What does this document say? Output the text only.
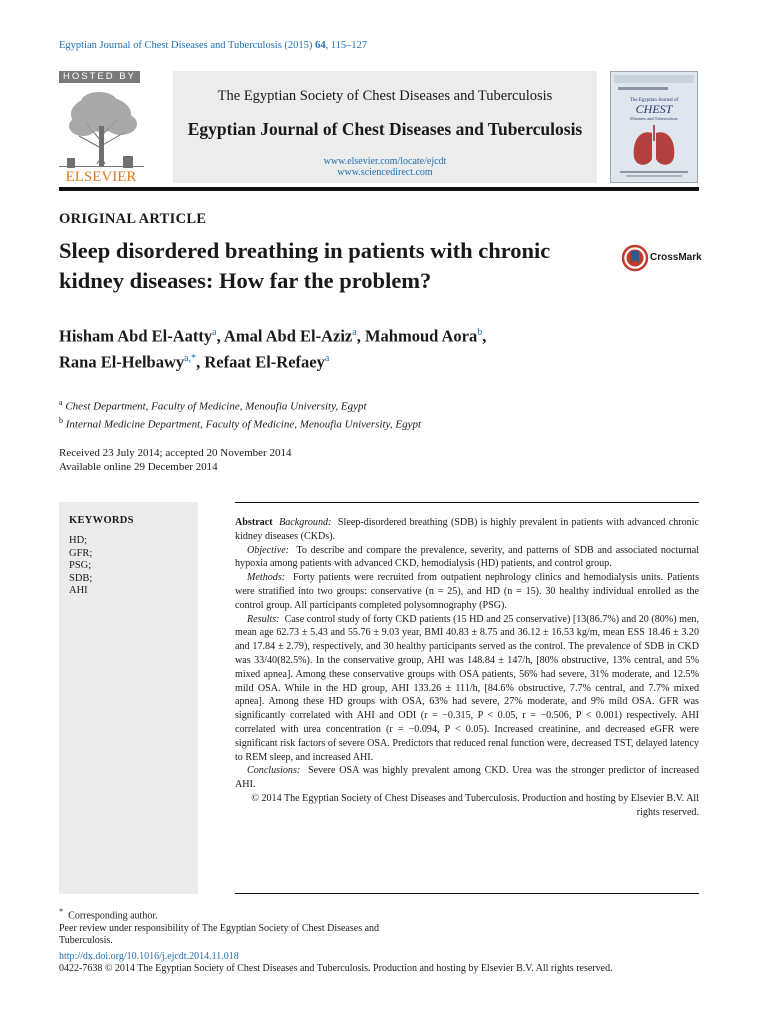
Egyptian Journal of Chest Diseases and Tuberculosis (2015) 64, 115–127
HOSTED BY
ELSEVIER
The Egyptian Society of Chest Diseases and Tuberculosis
Egyptian Journal of Chest Diseases and Tuberculosis
www.elsevier.com/locate/ejcdt
www.sciencedirect.com
The Egyptian Journal of
CHEST
Diseases and Tuberculosis
ORIGINAL ARTICLE
Sleep disordered breathing in patients with chronic kidney diseases: How far the problem?
CrossMark
Hisham Abd El-Aatty$^a$, Amal Abd El-Aziz$^a$, Mahmoud Aora$^b$,
Rana El-Helbawy$^{a,*}$, Refaat El-Refaey$^a$
$^a$ Chest Department, Faculty of Medicine, Menoufia University, Egypt
$^b$ Internal Medicine Department, Faculty of Medicine, Menoufia University, Egypt
Received 23 July 2014; accepted 20 November 2014
Available online 29 December 2014
KEYWORDS
HD;
GFR;
PSG;
SDB;
AHI

Abstract Background: Sleep-disordered breathing (SDB) is highly prevalent in patients with advanced chronic kidney diseases (CKDs).

Objective: To describe and compare the prevalence, severity, and patterns of SDB and associated nocturnal hypoxia among patients with advanced CKD, hemodialysis (HD) patients, and control group.

Methods: Forty patients were recruited from outpatient nephrology clinics and hemodialysis units. Patients were stratified into two groups: conservative (n = 25), and HD (n = 15). 30 healthy individual enrolled as the control group. All participants completed polysomnography (PSG).

Results: Case control study of forty CKD patients (15 HD and 25 conservative) [13(86.7%) and 20 (80%) men, mean age 62.73 ± 5.43 and 55.76 ± 9.03 year, BMI 40.83 ± 8.75 and 36.12 ± 16.53 kg/m, mean ESS 18.46 ± 3.20 and 17.84 ± 2.79), respectively, and 30 healthy participants served as the control. The prevalence of SDB in CKD was 33/40(82.5%). In the conservative group, AHI was 148.84 ± 147/h, [80% obstructive, 13% central, and 5% mixed apnea]. Among these conservative groups with OSA patients, 56% had severe, 31% moderate, and 12.5% mild OSA. While in the HD group, AHI 133.26 ± 111/h, [84.6% obstructive, 7.7% central, and 7.7% mixed apnea]. Among these HD groups with OSA, 63% had severe, 27% moderate, and 9% mild OSA. GFR was significantly correlated with AHI and ODI (r = −0.315, P < 0.05, r = −0.506, P < 0.001) respectively. AHI correlated with urea concentration (r = −0.094, P < 0.05). Increased creatinine, and decreased eGFR were significant risk factors of severe OSA. Predictors that reduced renal function were, decreased TST, delayed latency to REM sleep, and increased AHI.

Conclusions: Severe OSA was highly prevalent among CKD. Urea was the stronger predictor of increased AHI.

© 2014 The Egyptian Society of Chest Diseases and Tuberculosis. Production and hosting by Elsevier B.V. All rights reserved.

* Corresponding author.
Peer review under responsibility of The Egyptian Society of Chest Diseases and Tuberculosis.
http://dx.doi.org/10.1016/j.ejcdt.2014.11.018
0422-7638 © 2014 The Egyptian Society of Chest Diseases and Tuberculosis. Production and hosting by Elsevier B.V. All rights reserved.
